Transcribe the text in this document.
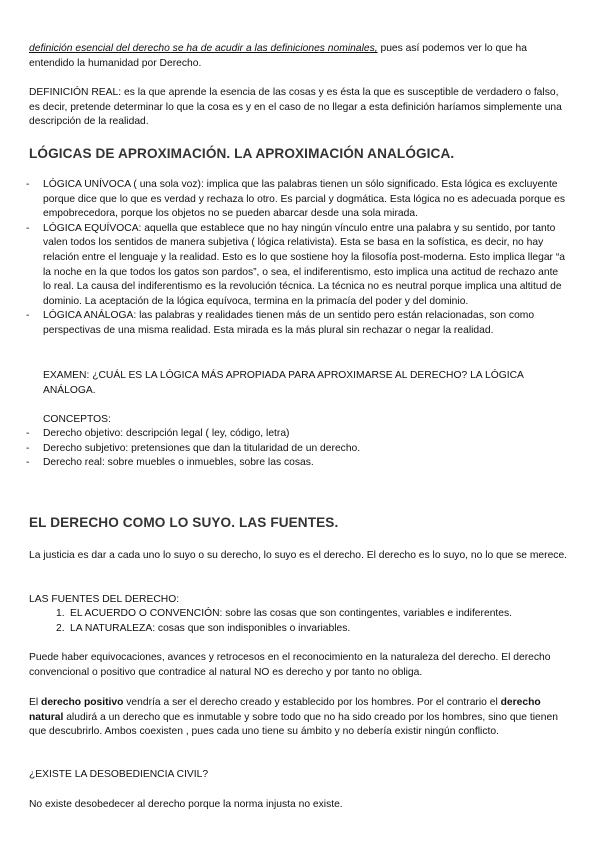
definición esencial del derecho se ha de acudir a las definiciones nominales, pues así podemos ver lo que ha entendido la humanidad por Derecho.

DEFINICIÓN REAL: es la que aprende la esencia de las cosas y es ésta la que es susceptible de verdadero o falso, es decir, pretende determinar lo que la cosa es y en el caso de no llegar a esta definición haríamos simplemente una descripción de la realidad.

LÓGICAS DE APROXIMACIÓN. LA APROXIMACIÓN ANALÓGICA.
- LÓGICA UNÍVOCA ( una sola voz): implica que las palabras tienen un sólo significado. Esta lógica es excluyente porque dice que lo que es verdad y rechaza lo otro. Es parcial y dogmática. Esta lógica no es adecuada porque es empobrecedora, porque los objetos no se pueden abarcar desde una sola mirada.
- LÓGICA EQUÍVOCA: aquella que establece que no hay ningún vínculo entre una palabra y su sentido, por tanto valen todos los sentidos de manera subjetiva ( lógica relativista). Esta se basa en la sofística, es decir, no hay relación entre el lenguaje y la realidad. Esto es lo que sostiene hoy la filosofía post-moderna. Esto implica llegar “a la noche en la que todos los gatos son pardos”, o sea, el indiferentismo, esto implica una actitud de rechazo ante lo real. La causa del indiferentismo es la revolución técnica. La técnica no es neutral porque implica una altitud de dominio. La aceptación de la lógica equívoca, termina en la primacía del poder y del dominio.
- LÓGICA ANÁLOGA: las palabras y realidades tienen más de un sentido pero están relacionadas, son como perspectivas de una misma realidad. Esta mirada es la más plural sin rechazar o negar la realidad.

EXAMEN: ¿CUÁL ES LA LÓGICA MÁS APROPIADA PARA APROXIMARSE AL DERECHO? LA LÓGICA ANÁLOGA.

CONCEPTOS:

- Derecho objetivo: descripción legal ( ley, código, letra)
- Derecho subjetivo: pretensiones que dan la titularidad de un derecho.
- Derecho real: sobre muebles o inmuebles, sobre las cosas.
EL DERECHO COMO LO SUYO. LAS FUENTES.

La justicia es dar a cada uno lo suyo o su derecho, lo suyo es el derecho. El derecho es lo suyo, no lo que se merece.

LAS FUENTES DEL DERECHO:

1. EL ACUERDO O CONVENCIÓN: sobre las cosas que son contingentes, variables e indiferentes.
2. LA NATURALEZA: cosas que son indisponibles o invariables.

Puede haber equivocaciones, avances y retrocesos en el reconocimiento en la naturaleza del derecho. El derecho convencional o positivo que contradice al natural NO es derecho y por tanto no obliga.

El derecho positivo vendría a ser el derecho creado y establecido por los hombres. Por el contrario el derecho natural aludirá a un derecho que es inmutable y sobre todo que no ha sido creado por los hombres, sino que tienen que descubrirlo. Ambos coexisten , pues cada uno tiene su ámbito y no debería existir ningún conflicto.

¿EXISTE LA DESOBEDIENCIA CIVIL?

No existe desobedecer al derecho porque la norma injusta no existe.
